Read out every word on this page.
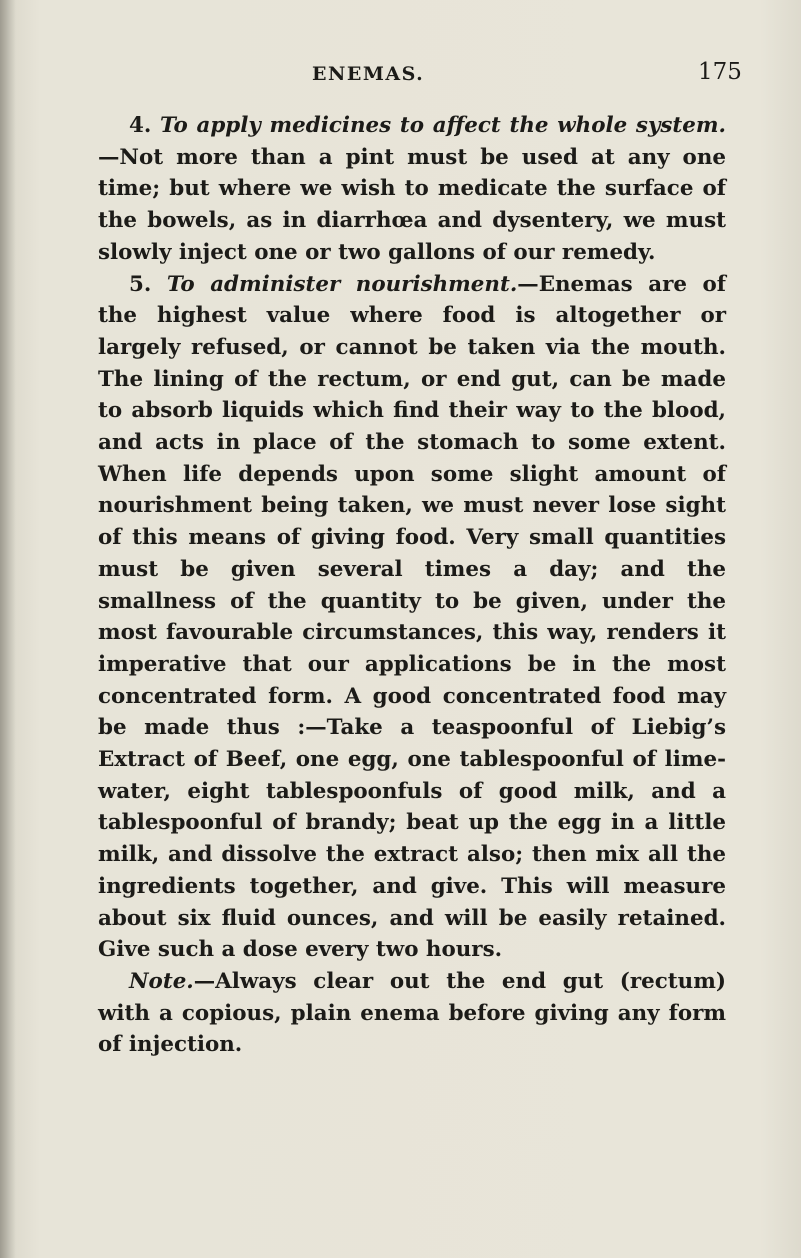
ENEMAS.	175

4. To apply medicines to affect the whole system.—Not more than a pint must be used at any one time; but where we wish to medicate the surface of the bowels, as in diarrhœa and dysentery, we must slowly inject one or two gallons of our remedy.

5. To administer nourishment.—Enemas are of the highest value where food is altogether or largely refused, or cannot be taken via the mouth. The lining of the rectum, or end gut, can be made to absorb liquids which find their way to the blood, and acts in place of the stomach to some extent. When life depends upon some slight amount of nourishment being taken, we must never lose sight of this means of giving food. Very small quantities must be given several times a day; and the smallness of the quantity to be given, under the most favourable circumstances, this way, renders it imperative that our applications be in the most concentrated form. A good concentrated food may be made thus :—Take a teaspoonful of Liebig’s Extract of Beef, one egg, one tablespoonful of lime-water, eight tablespoonfuls of good milk, and a tablespoonful of brandy; beat up the egg in a little milk, and dissolve the extract also; then mix all the ingredients together, and give. This will measure about six fluid ounces, and will be easily retained. Give such a dose every two hours.

Note.—Always clear out the end gut (rectum) with a copious, plain enema before giving any form of injection.
